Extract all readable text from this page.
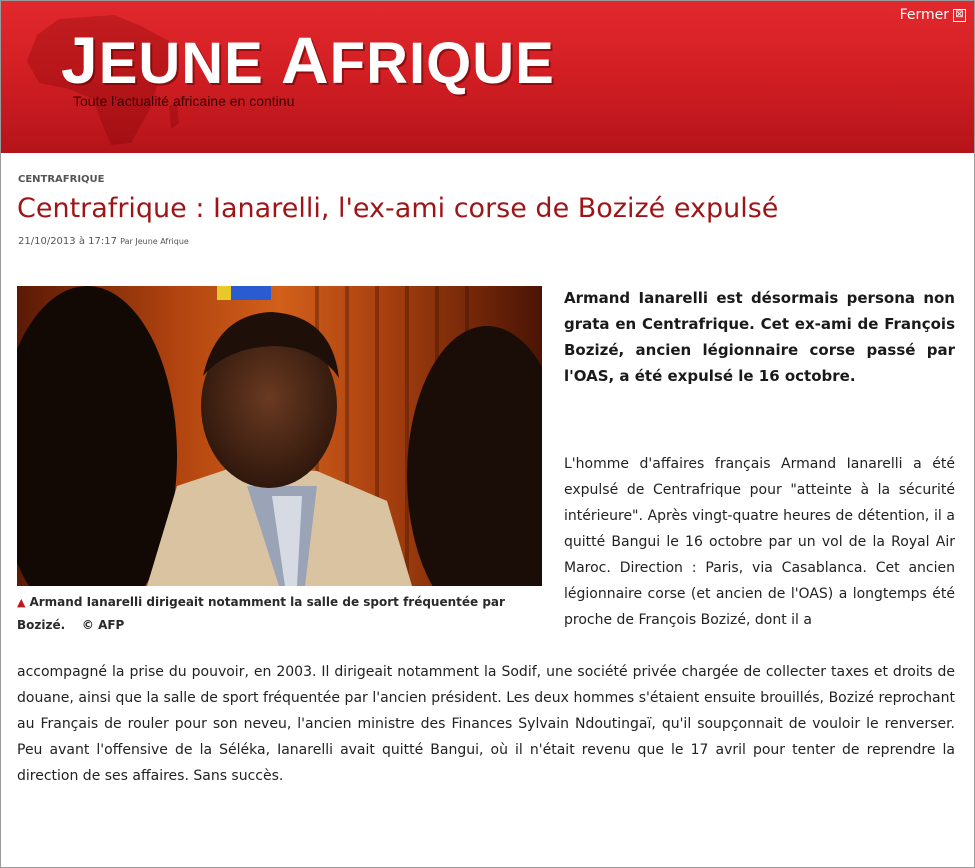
JEUNE AFRIQUE
Toute l'actualité africaine en continu
Fermer ⊠
CENTRAFRIQUE
Centrafrique : Ianarelli, l'ex-ami corse de Bozizé expulsé
21/10/2013 à 17:17 Par Jeune Afrique
▲ Armand Ianarelli dirigeait notamment la salle de sport fréquentée par Bozizé. © AFP
Armand Ianarelli est désormais persona non grata en Centrafrique. Cet ex-ami de François Bozizé, ancien légionnaire corse passé par l'OAS, a été expulsé le 16 octobre.
L'homme d'affaires français Armand Ianarelli a été expulsé de Centrafrique pour "atteinte à la sécurité intérieure". Après vingt-quatre heures de détention, il a quitté Bangui le 16 octobre par un vol de la Royal Air Maroc. Direction : Paris, via Casablanca. Cet ancien légionnaire corse (et ancien de l'OAS) a longtemps été proche de François Bozizé, dont il a
accompagné la prise du pouvoir, en 2003. Il dirigeait notamment la Sodif, une société privée chargée de collecter taxes et droits de douane, ainsi que la salle de sport fréquentée par l'ancien président. Les deux hommes s'étaient ensuite brouillés, Bozizé reprochant au Français de rouler pour son neveu, l'ancien ministre des Finances Sylvain Ndoutingaï, qu'il soupçonnait de vouloir le renverser. Peu avant l'offensive de la Séléka, Ianarelli avait quitté Bangui, où il n'était revenu que le 17 avril pour tenter de reprendre la direction de ses affaires. Sans succès.
